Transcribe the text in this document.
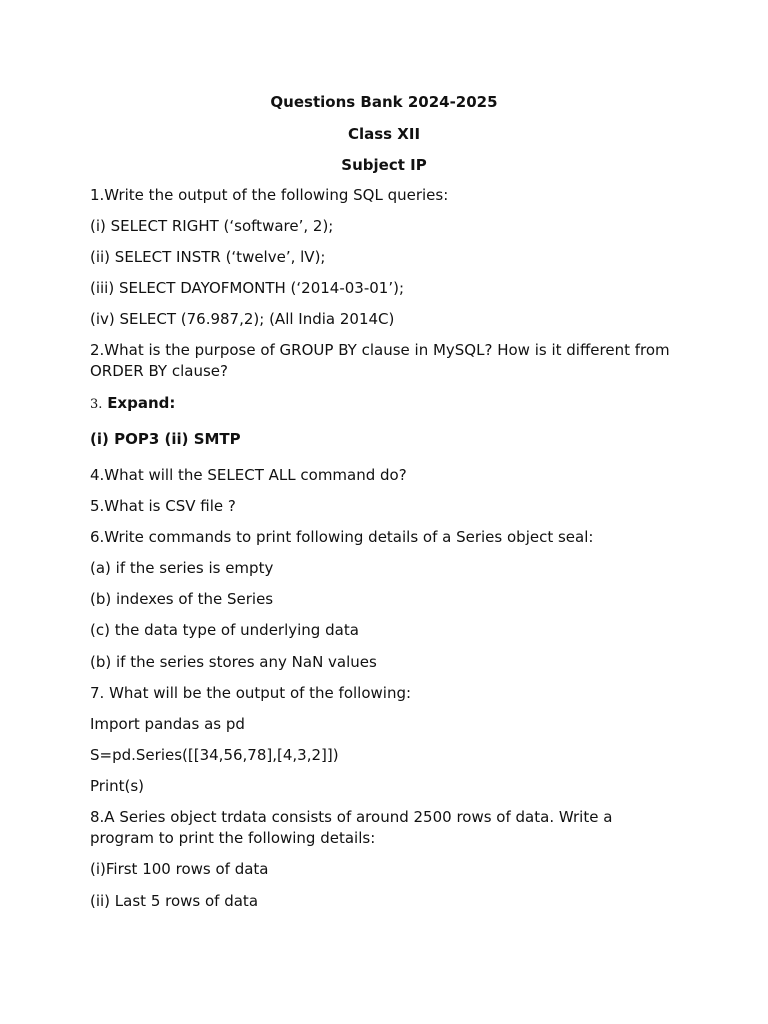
Questions Bank 2024-2025
Class XII
Subject IP
1.Write the output of the following SQL queries:
(i) SELECT RIGHT (‘software’, 2);
(ii) SELECT INSTR (‘twelve’, lV);
(iii) SELECT DAYOFMONTH (‘2014-03-01’);
(iv) SELECT (76.987,2); (All India 2014C)
2.What is the purpose of GROUP BY clause in MySQL? How is it different from ORDER BY clause?
3. Expand:
(i) POP3 (ii) SMTP
4.What will the SELECT ALL command do?
5.What is CSV file ?
6.Write commands to print following details of a Series object seal:
(a) if the series is empty
(b) indexes of the Series
(c) the data type of underlying data
(b) if the series stores any NaN values
7. What will be the output of the following:
Import pandas as pd
S=pd.Series([[34,56,78],[4,3,2]])
Print(s)
8.A Series object trdata consists of around 2500 rows of data. Write a program to print the following details:
(i)First 100 rows of data
(ii) Last 5 rows of data
